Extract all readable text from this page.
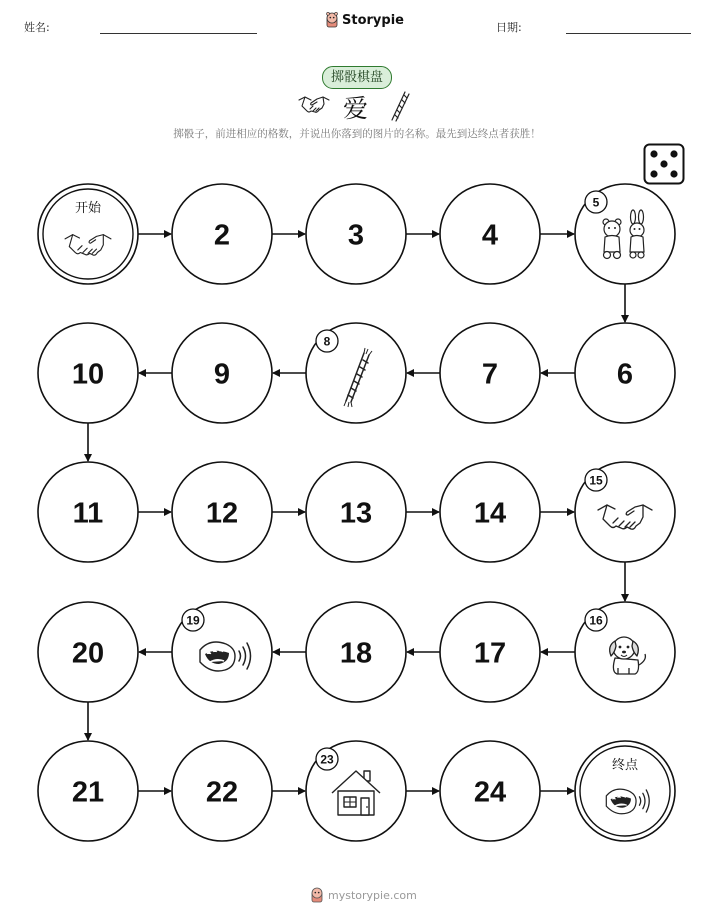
姓名:	Storypie	日期:
掷骰棋盘
爱
掷骰子，前进相应的格数，并说出你落到的图片的名称。最先到达终点者获胜！
开始
2	3	4
5
6
7
8
9
10
11	12	13	14
15
16
17
18
19
20
21	22
23
24
终点
mystorypie.com
